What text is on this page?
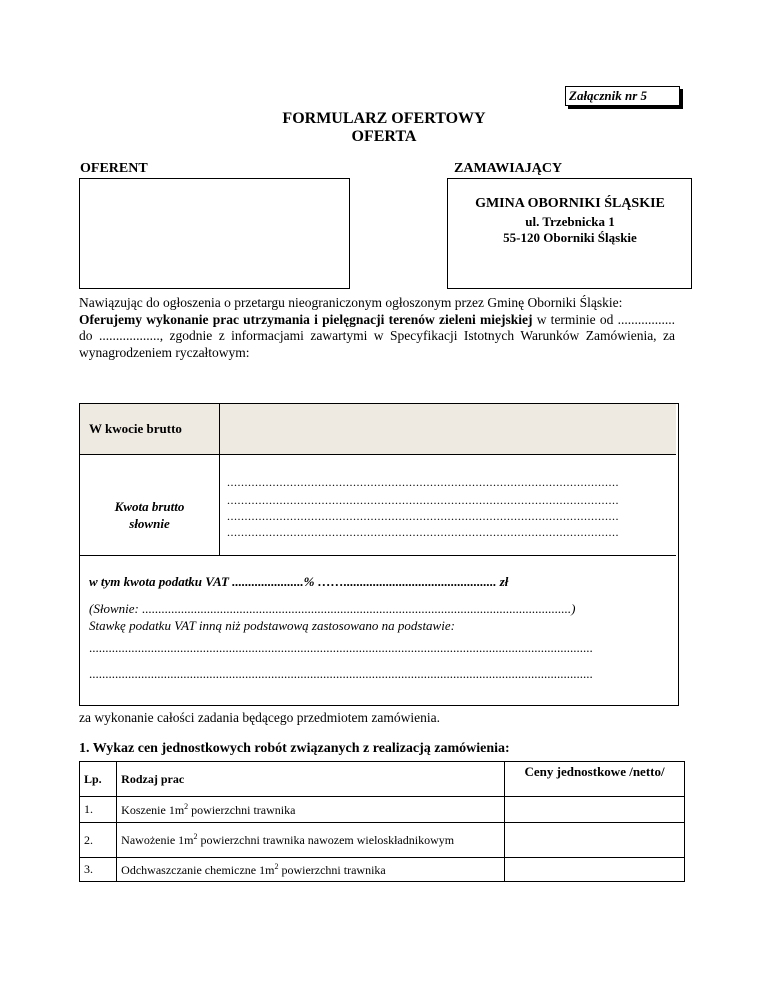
Załącznik nr 5
FORMULARZ OFERTOWY
OFERTA
OFERENT	ZAMAWIAJĄCY
GMINA OBORNIKI ŚLĄSKIE
ul. Trzebnicka 1
55-120 Oborniki Śląskie
Nawiązując do ogłoszenia o przetargu nieograniczonym ogłoszonym przez Gminę Oborniki Śląskie:
Oferujemy wykonanie prac utrzymania i pielęgnacji terenów zieleni miejskiej w terminie od ................. do .................., zgodnie z informacjami zawartymi w Specyfikacji Istotnych Warunków Zamówienia, za wynagrodzeniem ryczałtowym:
W kwocie brutto
Kwota brutto
słownie
................................................................................................................
................................................................................................................
................................................................................................................
................................................................................................................
w tym kwota podatku VAT ......................% ……............................................... zł
(Słownie: ....................................................................................................................................)
Stawkę podatku VAT inną niż podstawową zastosowano na podstawie:
...........................................................................................................................................................
...........................................................................................................................................................
za wykonanie całości zadania będącego przedmiotem zamówienia.
1. Wykaz cen jednostkowych robót związanych z realizacją zamówienia:
Lp.	Rodzaj prac	Ceny jednostkowe /netto/
1.	Koszenie $1m^2$ powierzchni trawnika	
2.	Nawożenie $1m^2$ powierzchni trawnika nawozem wieloskładnikowym	
3.	Odchwaszczanie chemiczne $1m^2$ powierzchni trawnika	
